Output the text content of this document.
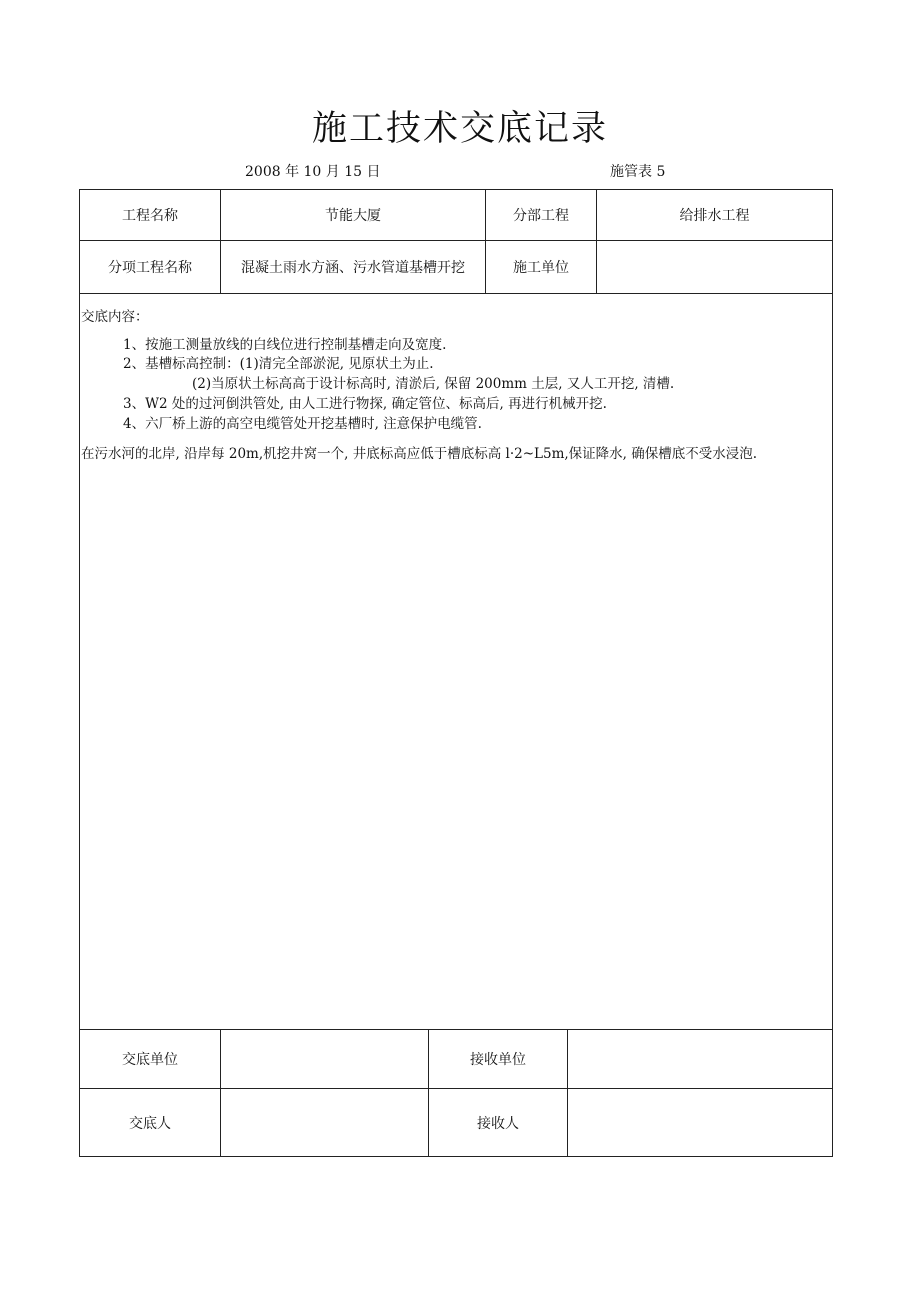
施工技术交底记录
2008 年 10 月 15 日	施管表 5
工程名称	节能大厦	分部工程	给排水工程
分项工程名称	混凝土雨水方涵、污水管道基槽开挖	施工单位
交底内容：
1、按施工测量放线的白线位进行控制基槽走向及宽度.
2、基槽标高控制：(1)清完全部淤泥, 见原状土为止.
(2)当原状土标高高于设计标高时, 清淤后, 保留 200mm 土层, 又人工开挖, 清槽.
3、W2 处的过河倒洪管处, 由人工进行物探, 确定管位、标高后, 再进行机械开挖.
4、六厂桥上游的高空电缆管处开挖基槽时, 注意保护电缆管.
在污水河的北岸, 沿岸每 20m,机挖井窝一个, 井底标高应低于槽底标高 l·2~L5m,保证降水, 确保槽底不受水浸泡.
交底单位	接收单位
交底人	接收人
